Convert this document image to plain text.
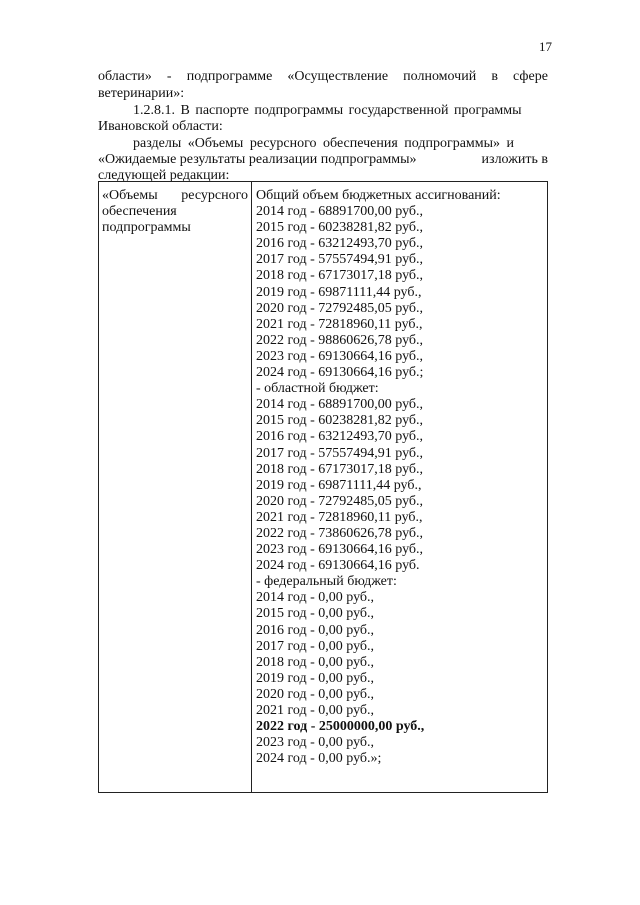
17
области» - подпрограмме «Осуществление полномочий в сфере
ветеринарии»:
1.2.8.1. В паспорте подпрограммы государственной программы
Ивановской области:
разделы «Объемы ресурсного обеспечения подпрограммы» и
«Ожидаемые результаты реализации подпрограммы»	изложить в
следующей редакции:
«Объемы ресурсного
обеспечения
подпрограммы
Общий объем бюджетных ассигнований:
2014 год - 68891700,00 руб.,
2015 год - 60238281,82 руб.,
2016 год - 63212493,70 руб.,
2017 год - 57557494,91 руб.,
2018 год - 67173017,18 руб.,
2019 год - 69871111,44 руб.,
2020 год - 72792485,05 руб.,
2021 год - 72818960,11 руб.,
2022 год - 98860626,78 руб.,
2023 год - 69130664,16 руб.,
2024 год - 69130664,16 руб.;
- областной бюджет:
2014 год - 68891700,00 руб.,
2015 год - 60238281,82 руб.,
2016 год - 63212493,70 руб.,
2017 год - 57557494,91 руб.,
2018 год - 67173017,18 руб.,
2019 год - 69871111,44 руб.,
2020 год - 72792485,05 руб.,
2021 год - 72818960,11 руб.,
2022 год - 73860626,78 руб.,
2023 год - 69130664,16 руб.,
2024 год - 69130664,16 руб.
- федеральный бюджет:
2014 год - 0,00 руб.,
2015 год - 0,00 руб.,
2016 год - 0,00 руб.,
2017 год - 0,00 руб.,
2018 год - 0,00 руб.,
2019 год - 0,00 руб.,
2020 год - 0,00 руб.,
2021 год - 0,00 руб.,
2022 год - 25000000,00 руб.,
2023 год - 0,00 руб.,
2024 год - 0,00 руб.»;
